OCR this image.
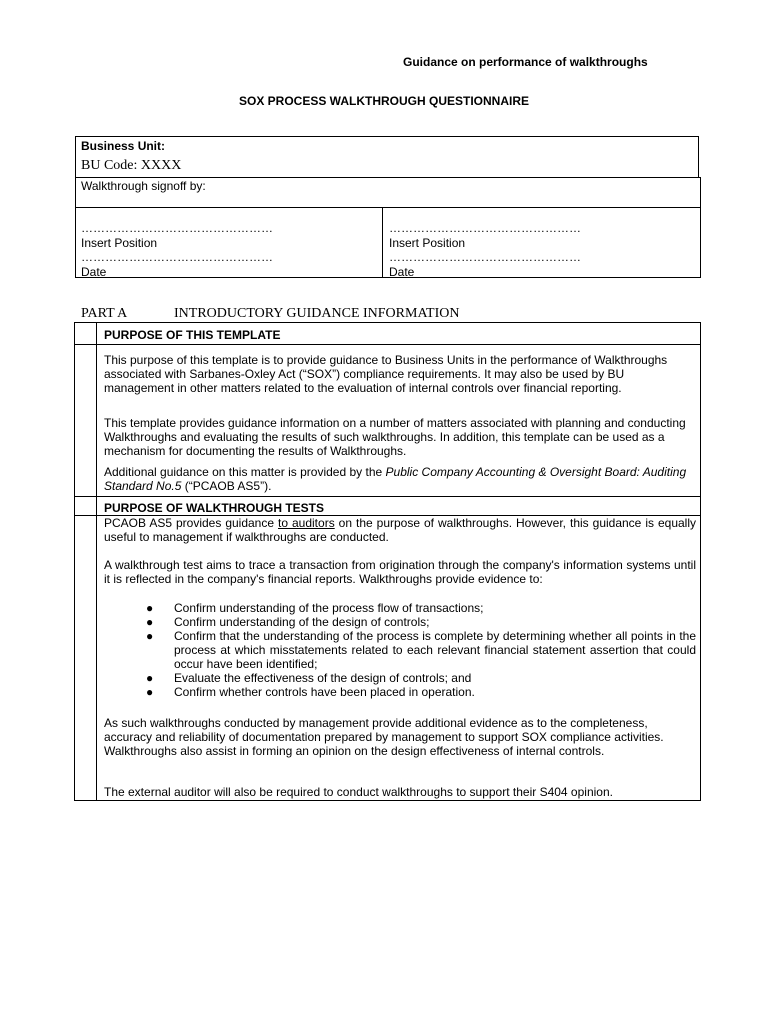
Guidance on performance of walkthroughs
SOX PROCESS WALKTHROUGH QUESTIONNAIRE
Business Unit:
BU Code: XXXX
Walkthrough signoff by:
…………………………………………
Insert Position
…………………………………………
Date
…………………………………………
Insert Position
…………………………………………
Date
PART A	INTRODUCTORY GUIDANCE INFORMATION
PURPOSE OF THIS TEMPLATE
This purpose of this template is to provide guidance to Business Units in the performance of Walkthroughs associated with Sarbanes-Oxley Act (“SOX”) compliance requirements. It may also be used by BU management in other matters related to the evaluation of internal controls over financial reporting.
This template provides guidance information on a number of matters associated with planning and conducting Walkthroughs and evaluating the results of such walkthroughs. In addition, this template can be used as a mechanism for documenting the results of Walkthroughs.
Additional guidance on this matter is provided by the Public Company Accounting & Oversight Board: Auditing Standard No.5 (“PCAOB AS5”).
PURPOSE OF WALKTHROUGH TESTS
PCAOB AS5 provides guidance to auditors on the purpose of walkthroughs. However, this guidance is equally useful to management if walkthroughs are conducted.
A walkthrough test aims to trace a transaction from origination through the company's information systems until it is reflected in the company's financial reports. Walkthroughs provide evidence to:
● Confirm understanding of the process flow of transactions;
● Confirm understanding of the design of controls;
● Confirm that the understanding of the process is complete by determining whether all points in the process at which misstatements related to each relevant financial statement assertion that could occur have been identified;
● Evaluate the effectiveness of the design of controls; and
● Confirm whether controls have been placed in operation.
As such walkthroughs conducted by management provide additional evidence as to the completeness, accuracy and reliability of documentation prepared by management to support SOX compliance activities. Walkthroughs also assist in forming an opinion on the design effectiveness of internal controls.
The external auditor will also be required to conduct walkthroughs to support their S404 opinion.
